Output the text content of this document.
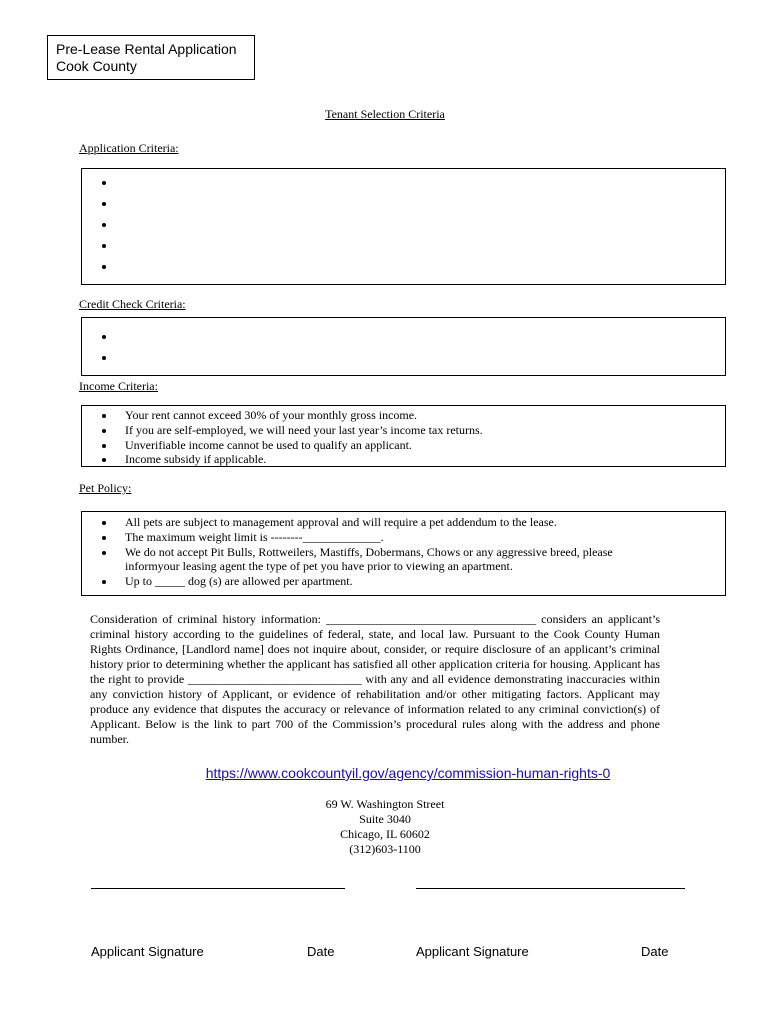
Pre-Lease Rental Application
Cook County
Tenant Selection Criteria
Application Criteria:
Credit Check Criteria:
Income Criteria:
Your rent cannot exceed 30% of your monthly gross income.
If you are self-employed, we will need your last year’s income tax returns.
Unverifiable income cannot be used to qualify an applicant.
Income subsidy if applicable.
Pet Policy:
All pets are subject to management approval and will require a pet addendum to the lease.
The maximum weight limit is --------_____________.
We do not accept Pit Bulls, Rottweilers, Mastiffs, Dobermans, Chows or any aggressive breed, please informyour leasing agent the type of pet you have prior to viewing an apartment.
Up to _____ dog (s) are allowed per apartment.
Consideration of criminal history information: ___________________________________ considers an applicant’s criminal history according to the guidelines of federal, state, and local law. Pursuant to the Cook County Human Rights Ordinance, [Landlord name] does not inquire about, consider, or require disclosure of an applicant’s criminal history prior to determining whether the applicant has satisfied all other application criteria for housing. Applicant has the right to provide _____________________________ with any and all evidence demonstrating inaccuracies within any conviction history of Applicant, or evidence of rehabilitation and/or other mitigating factors. Applicant may produce any evidence that disputes the accuracy or relevance of information related to any criminal conviction(s) of Applicant. Below is the link to part 700 of the Commission’s procedural rules along with the address and phone number.
https://www.cookcountyil.gov/agency/commission-human-rights-0
69 W. Washington Street
Suite 3040
Chicago, IL 60602
(312)603-1100
Applicant Signature	Date	Applicant Signature	Date
